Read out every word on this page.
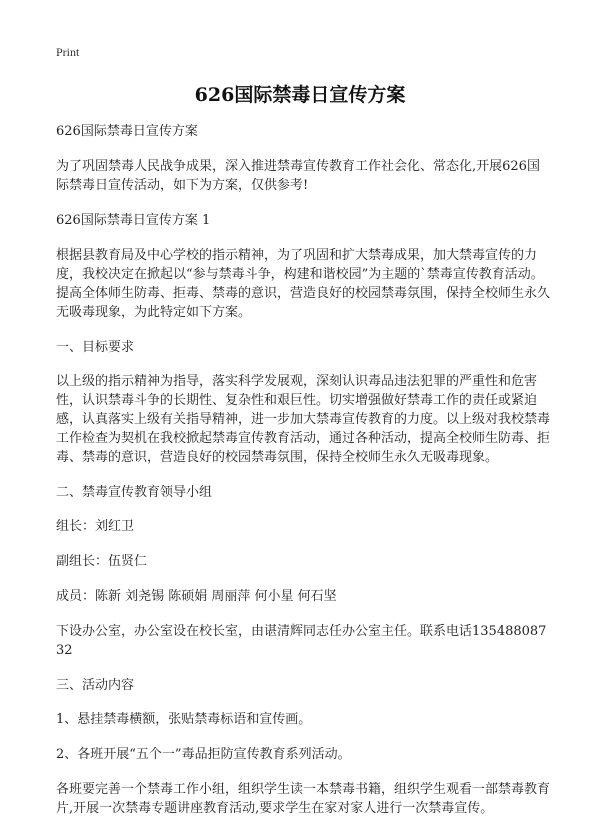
Print
626国际禁毒日宣传方案

626国际禁毒日宣传方案

为了巩固禁毒人民战争成果，深入推进禁毒宣传教育工作社会化、常态化,开展626国际禁毒日宣传活动，如下为方案，仅供参考!

626国际禁毒日宣传方案 1

根据县教育局及中心学校的指示精神，为了巩固和扩大禁毒成果，加大禁毒宣传的力度，我校决定在掀起以“参与禁毒斗争，构建和谐校园”为主题的`禁毒宣传教育活动。提高全体师生防毒、拒毒、禁毒的意识，营造良好的校园禁毒氛围，保持全校师生永久无吸毒现象，为此特定如下方案。

一、目标要求

以上级的指示精神为指导，落实科学发展观，深刻认识毒品违法犯罪的严重性和危害性，认识禁毒斗争的长期性、复杂性和艰巨性。切实增强做好禁毒工作的责任或紧迫感，认真落实上级有关指导精神，进一步加大禁毒宣传教育的力度。以上级对我校禁毒工作检查为契机在我校掀起禁毒宣传教育活动，通过各种活动，提高全校师生防毒、拒毒、禁毒的意识，营造良好的校园禁毒氛围，保持全校师生永久无吸毒现象。

二、禁毒宣传教育领导小组

组长：刘红卫

副组长：伍贤仁

成员：陈新 刘尧锡 陈硕娟 周丽萍 何小星 何石坚

下设办公室，办公室设在校长室，由谌清辉同志任办公室主任。联系电话13548808732

三、活动内容

1、悬挂禁毒横额，张贴禁毒标语和宣传画。

2、各班开展“五个一”毒品拒防宣传教育系列活动。

各班要完善一个禁毒工作小组，组织学生读一本禁毒书籍，组织学生观看一部禁毒教育片,开展一次禁毒专题讲座教育活动,要求学生在家对家人进行一次禁毒宣传。
